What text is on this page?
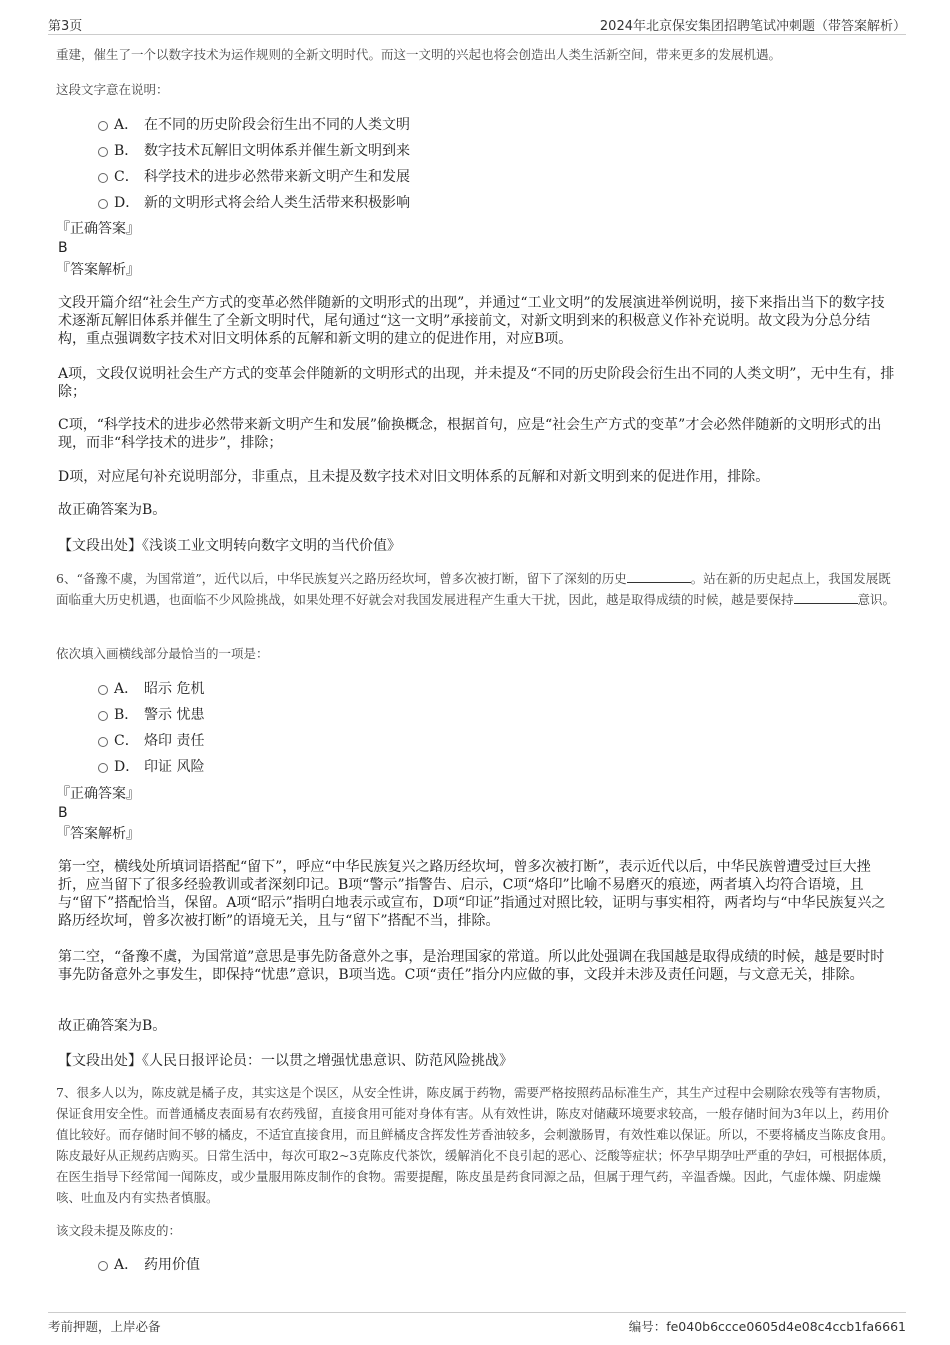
第3页	2024年北京保安集团招聘笔试冲刺题（带答案解析）

重建，催生了一个以数字技术为运作规则的全新文明时代。而这一文明的兴起也将会创造出人类生活新空间，带来更多的发展机遇。

这段文字意在说明：

A． 在不同的历史阶段会衍生出不同的人类文明
B． 数字技术瓦解旧文明体系并催生新文明到来
C． 科学技术的进步必然带来新文明产生和发展
D． 新的文明形式将会给人类生活带来积极影响

『正确答案』

B

『答案解析』

文段开篇介绍“社会生产方式的变革必然伴随新的文明形式的出现”，并通过“工业文明”的发展演进举例说明，接下来指出当下的数字技术逐渐瓦解旧体系并催生了全新文明时代，尾句通过“这一文明”承接前文，对新文明到来的积极意义作补充说明。故文段为分总分结构，重点强调数字技术对旧文明体系的瓦解和新文明的建立的促进作用，对应B项。

A项，文段仅说明社会生产方式的变革会伴随新的文明形式的出现，并未提及“不同的历史阶段会衍生出不同的人类文明”，无中生有，排除；

C项，“科学技术的进步必然带来新文明产生和发展”偷换概念，根据首句，应是“社会生产方式的变革”才会必然伴随新的文明形式的出现，而非“科学技术的进步”，排除；

D项，对应尾句补充说明部分，非重点，且未提及数字技术对旧文明体系的瓦解和对新文明到来的促进作用，排除。

故正确答案为B。

【文段出处】《浅谈工业文明转向数字文明的当代价值》

6、“备豫不虞，为国常道”，近代以后，中华民族复兴之路历经坎坷，曾多次被打断，留下了深刻的历史	。站在新的历史起点上，我国发展既面临重大历史机遇，也面临不少风险挑战，如果处理不好就会对我国发展进程产生重大干扰，因此，越是取得成绩的时候，越是要保持	意识。

依次填入画横线部分最恰当的一项是：

A． 昭示 危机
B． 警示 忧患
C． 烙印 责任
D． 印证 风险

『正确答案』

B

『答案解析』

第一空，横线处所填词语搭配“留下”，呼应“中华民族复兴之路历经坎坷，曾多次被打断”，表示近代以后，中华民族曾遭受过巨大挫折，应当留下了很多经验教训或者深刻印记。B项“警示”指警告、启示，C项“烙印”比喻不易磨灭的痕迹，两者填入均符合语境，且与“留下”搭配恰当，保留。A项“昭示”指明白地表示或宣布，D项“印证”指通过对照比较，证明与事实相符，两者均与“中华民族复兴之路历经坎坷，曾多次被打断”的语境无关，且与“留下”搭配不当，排除。

第二空，“备豫不虞，为国常道”意思是事先防备意外之事，是治理国家的常道。所以此处强调在我国越是取得成绩的时候，越是要时时事先防备意外之事发生，即保持“忧患”意识，B项当选。C项“责任”指分内应做的事，文段并未涉及责任问题，与文意无关，排除。

故正确答案为B。

【文段出处】《人民日报评论员：一以贯之增强忧患意识、防范风险挑战》

7、很多人以为，陈皮就是橘子皮，其实这是个误区，从安全性讲，陈皮属于药物，需要严格按照药品标准生产，其生产过程中会剔除农残等有害物质，保证食用安全性。而普通橘皮表面易有农药残留，直接食用可能对身体有害。从有效性讲，陈皮对储藏环境要求较高，一般存储时间为3年以上，药用价值比较好。而存储时间不够的橘皮，不适宜直接食用，而且鲜橘皮含挥发性芳香油较多，会刺激肠胃，有效性难以保证。所以，不要将橘皮当陈皮食用。陈皮最好从正规药店购买。日常生活中，每次可取2~3克陈皮代茶饮，缓解消化不良引起的恶心、泛酸等症状；怀孕早期孕吐严重的孕妇，可根据体质，在医生指导下经常闻一闻陈皮，或少量服用陈皮制作的食物。需要提醒，陈皮虽是药食同源之品，但属于理气药，辛温香燥。因此，气虚体燥、阴虚燥咳、吐血及内有实热者慎服。

该文段未提及陈皮的：

A． 药用价值
考前押题，上岸必备	编号：fe040b6ccce0605d4e08c4ccb1fa6661
